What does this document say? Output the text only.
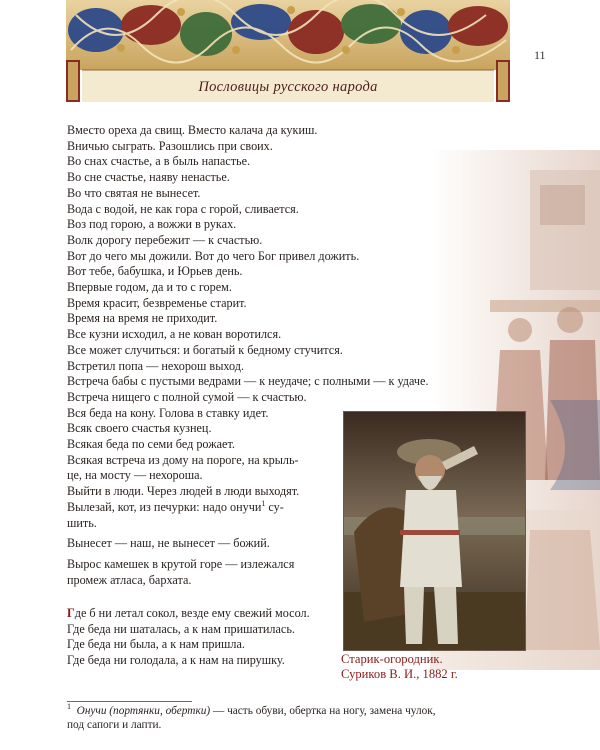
Пословицы русского народа
11
Вместо ореха да свищ. Вместо калача да кукиш.
Вничью сыграть. Разошлись при своих.
Во снах счастье, а в быль напастье.
Во сне счастье, наяву ненастье.
Во что святая не вынесет.
Вода с водой, не как гора с горой, сливается.
Воз под горою, а вожжи в руках.
Волк дорогу перебежит — к счастью.
Вот до чего мы дожили. Вот до чего Бог привел дожить.
Вот тебе, бабушка, и Юрьев день.
Впервые годом, да и то с горем.
Время красит, безвременье старит.
Время на время не приходит.
Все кузни исходил, а не кован воротился.
Все может случиться: и богатый к бедному стучится.
Встретил попа — нехорош выход.
Встреча бабы с пустыми ведрами — к неудаче; с полными — к удаче.
Встреча нищего с полной сумой — к счастью.
Вся беда на кону. Голова в ставку идет.
Всяк своего счастья кузнец.
Всякая беда по семи бед рожает.
Всякая встреча из дому на пороге, на крыль-
це, на мосту — нехороша.
Выйти в люди. Через людей в люди выходят.
Вылезай, кот, из печурки: надо онучи$^1$ су-
шить.
Вынесет — наш, не вынесет — божий.
Вырос камешек в крутой горе — излежался
промеж атласа, бархата.
Где б ни летал сокол, везде ему свежий мосол.
Где беда ни шаталась, а к нам пришатилась.
Где беда ни была, а к нам пришла.
Где беда ни голодала, а к нам на пирушку.	Старик-огородник.
Суриков В. И., 1882 г.
$^1$ Онучи (портянки, обертки) — часть обуви, обертка на ногу, замена чулок,
под сапоги и лапти.
